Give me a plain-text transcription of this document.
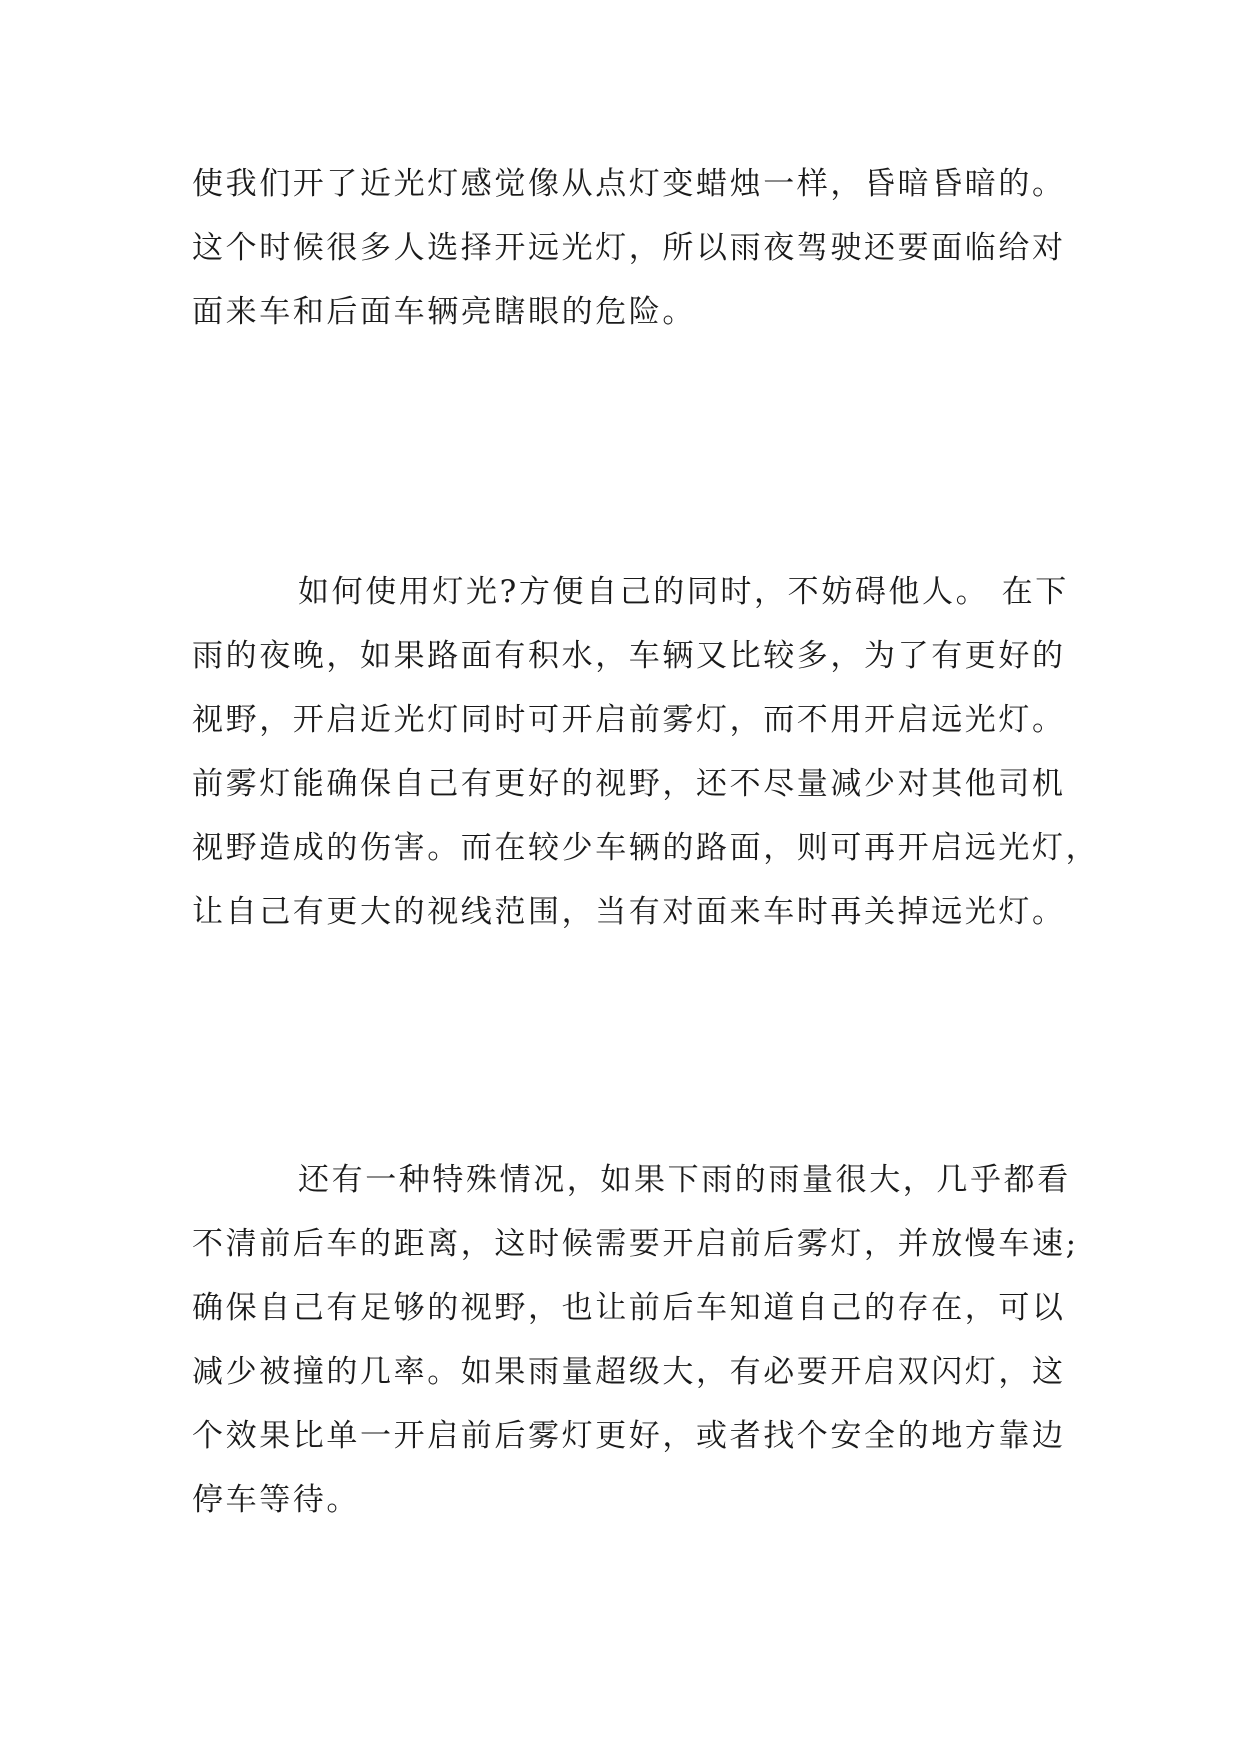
使我们开了近光灯感觉像从点灯变蜡烛一样，昏暗昏暗的。
这个时候很多人选择开远光灯，所以雨夜驾驶还要面临给对
面来车和后面车辆亮瞎眼的危险。
如何使用灯光?方便自己的同时，不妨碍他人。 在下
雨的夜晚，如果路面有积水，车辆又比较多，为了有更好的
视野，开启近光灯同时可开启前雾灯，而不用开启远光灯。
前雾灯能确保自己有更好的视野，还不尽量减少对其他司机
视野造成的伤害。而在较少车辆的路面，则可再开启远光灯，
让自己有更大的视线范围，当有对面来车时再关掉远光灯。
还有一种特殊情况，如果下雨的雨量很大，几乎都看
不清前后车的距离，这时候需要开启前后雾灯，并放慢车速;
确保自己有足够的视野，也让前后车知道自己的存在，可以
减少被撞的几率。如果雨量超级大，有必要开启双闪灯，这
个效果比单一开启前后雾灯更好，或者找个安全的地方靠边
停车等待。
